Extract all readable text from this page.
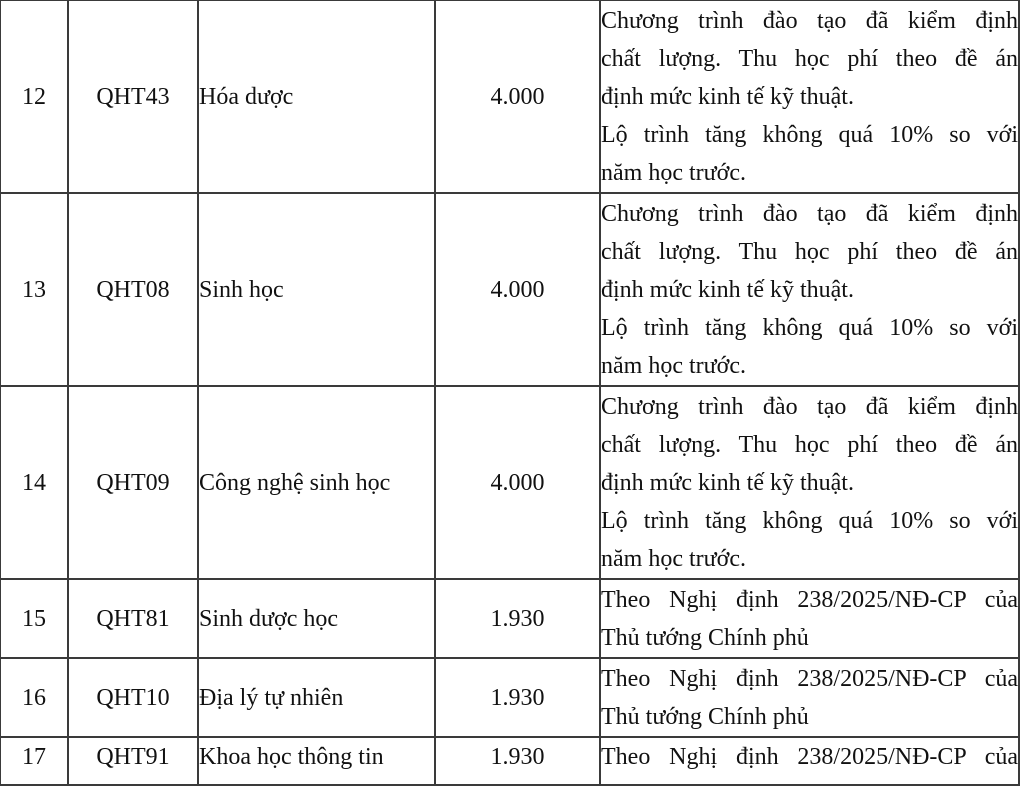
12	QHT43	Hóa dược	4.000	Chương trình đào tạo đã kiểm định
chất lượng. Thu học phí theo đề án
định mức kinh tế kỹ thuật.
Lộ trình tăng không quá 10% so với
năm học trước.

13	QHT08	Sinh học	4.000	Chương trình đào tạo đã kiểm định
chất lượng. Thu học phí theo đề án
định mức kinh tế kỹ thuật.
Lộ trình tăng không quá 10% so với
năm học trước.

14	QHT09	Công nghệ sinh học	4.000	Chương trình đào tạo đã kiểm định
chất lượng. Thu học phí theo đề án
định mức kinh tế kỹ thuật.
Lộ trình tăng không quá 10% so với
năm học trước.

15	QHT81	Sinh dược học	1.930	Theo Nghị định 238/2025/NĐ-CP của
Thủ tướng Chính phủ

16	QHT10	Địa lý tự nhiên	1.930	Theo Nghị định 238/2025/NĐ-CP của
Thủ tướng Chính phủ

17	QHT91	Khoa học thông tin	1.930	Theo Nghị định 238/2025/NĐ-CP của
